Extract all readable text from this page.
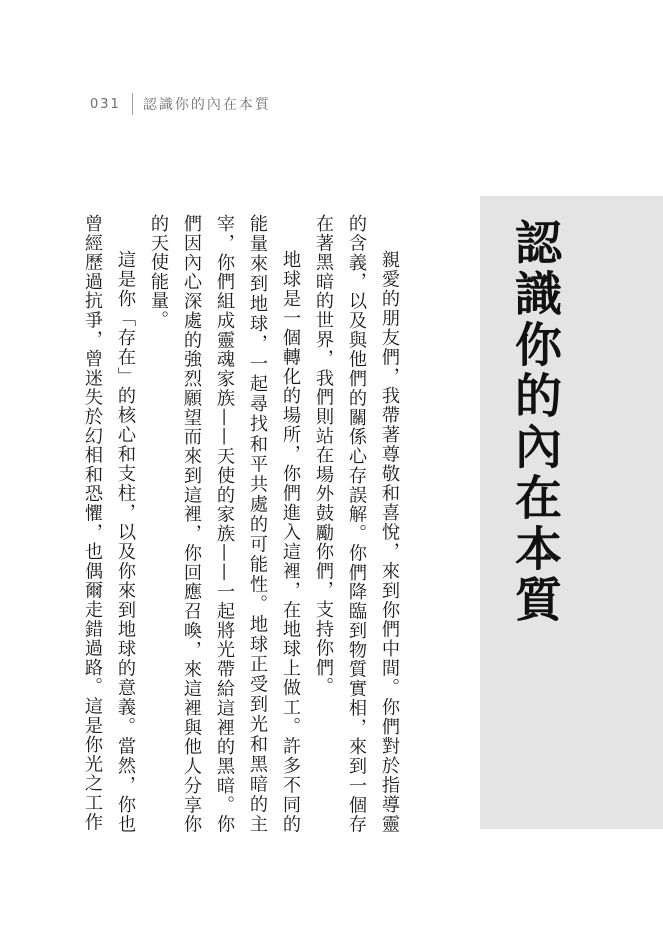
031 認識你的內在本質
認識你的內在本質

親愛的朋友們，我帶著尊敬和喜悅，來到你們中間。你們對於指導靈的含義，以及與他們的關係心存誤解。你們降臨到物質實相，來到一個存在著黑暗的世界，我們則站在場外鼓勵你們，支持你們。

地球是一個轉化的場所，你們進入這裡，在地球上做工。許多不同的能量來到地球，一起尋找和平共處的可能性。地球正受到光和黑暗的主宰，你們組成靈魂家族——天使的家族——一起將光帶給這裡的黑暗。你們因內心深處的強烈願望而來到這裡，你回應召喚，來這裡與他人分享你的天使能量。

這是你「存在」的核心和支柱，以及你來到地球的意義。當然，你也曾經歷過抗爭，曾迷失於幻相和恐懼，也偶爾走錯過路。這是你光之工作
